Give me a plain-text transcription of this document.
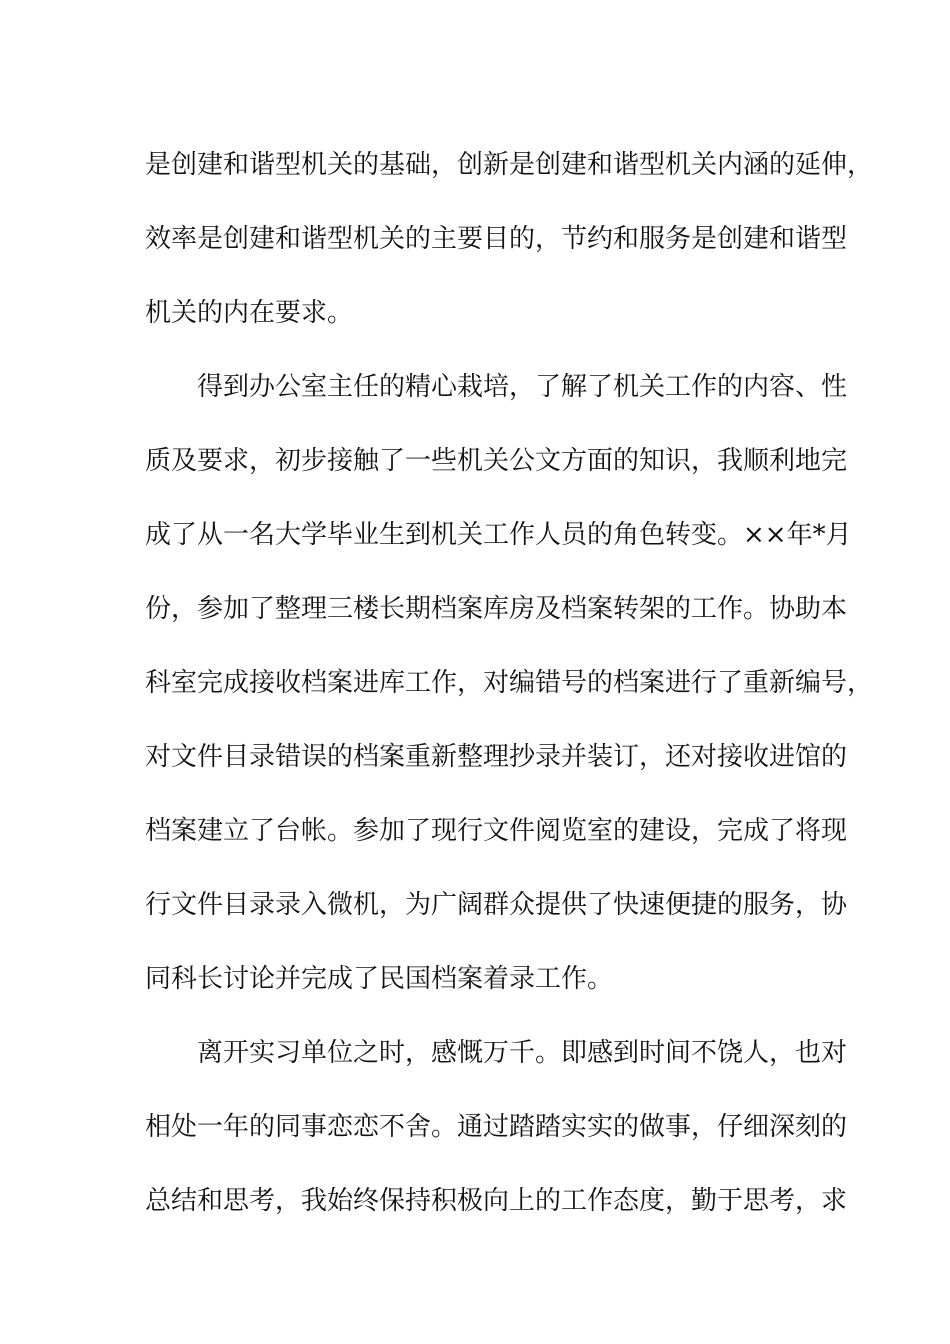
是创建和谐型机关的基础，创新是创建和谐型机关内涵的延伸，
效率是创建和谐型机关的主要目的，节约和服务是创建和谐型
机关的内在要求。

得到办公室主任的精心栽培，了解了机关工作的内容、性
质及要求，初步接触了一些机关公文方面的知识，我顺利地完
成了从一名大学毕业生到机关工作人员的角色转变。××年*月
份，参加了整理三楼长期档案库房及档案转架的工作。协助本
科室完成接收档案进库工作，对编错号的档案进行了重新编号，
对文件目录错误的档案重新整理抄录并装订，还对接收进馆的
档案建立了台帐。参加了现行文件阅览室的建设，完成了将现
行文件目录录入微机，为广阔群众提供了快速便捷的服务，协
同科长讨论并完成了民国档案着录工作。

离开实习单位之时，感慨万千。即感到时间不饶人，也对
相处一年的同事恋恋不舍。通过踏踏实实的做事，仔细深刻的
总结和思考，我始终保持积极向上的工作态度，勤于思考，求
